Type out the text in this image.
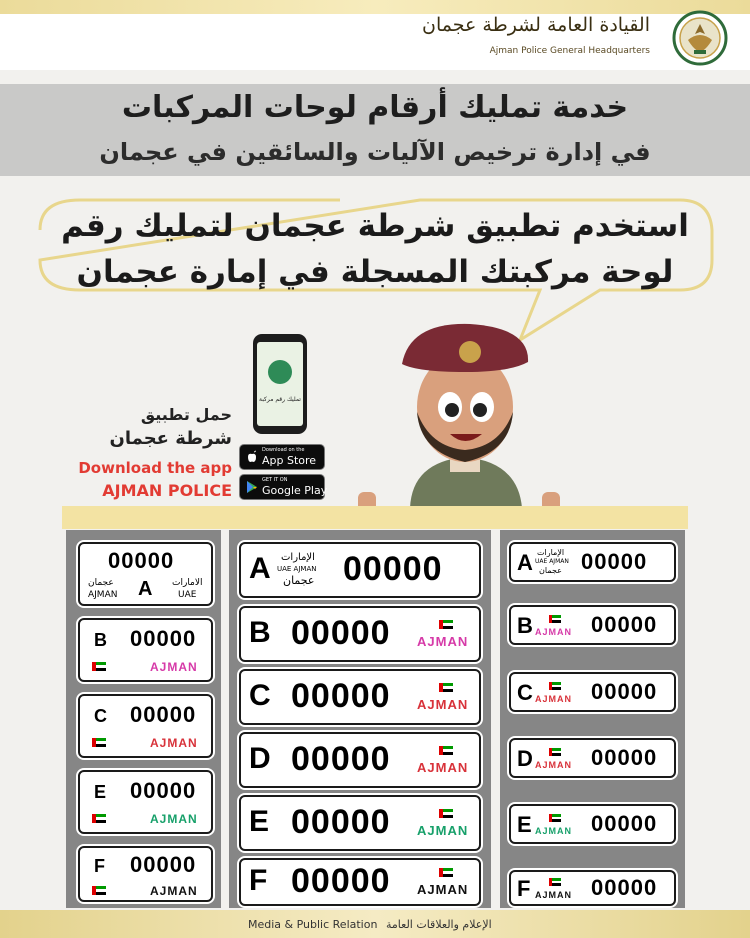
القيادة العامة لشرطة عجمان
Ajman Police General Headquarters
خدمة تمليك أرقام لوحات المركبات
في إدارة ترخيص الآليات والسائقين في عجمان
استخدم تطبيق شرطة عجمان لتمليك رقم
لوحة مركبتك المسجلة في إمارة عجمان
حمل تطبيق
شرطة عجمان
Download the app
AJMAN POLICE
تمليك رقم مركبة
Download on the
App Store
GET IT ON
Google Play
00000
عجمان
AJMAN A الامارات
UAE
B 00000
AJMAN
C 00000
AJMAN
E 00000
AJMAN
F 00000
AJMAN
A الإمارات
UAE AJMAN
عجمان 00000
B 00000 AJMAN
C 00000 AJMAN
D 00000 AJMAN
E 00000 AJMAN
F 00000 AJMAN
A الإمارات
UAE AJMAN
عجمان 00000
B AJMAN 00000
C AJMAN 00000
D AJMAN 00000
E AJMAN 00000
F AJMAN 00000
Media & Public Relation الإعلام والعلاقات العامة
